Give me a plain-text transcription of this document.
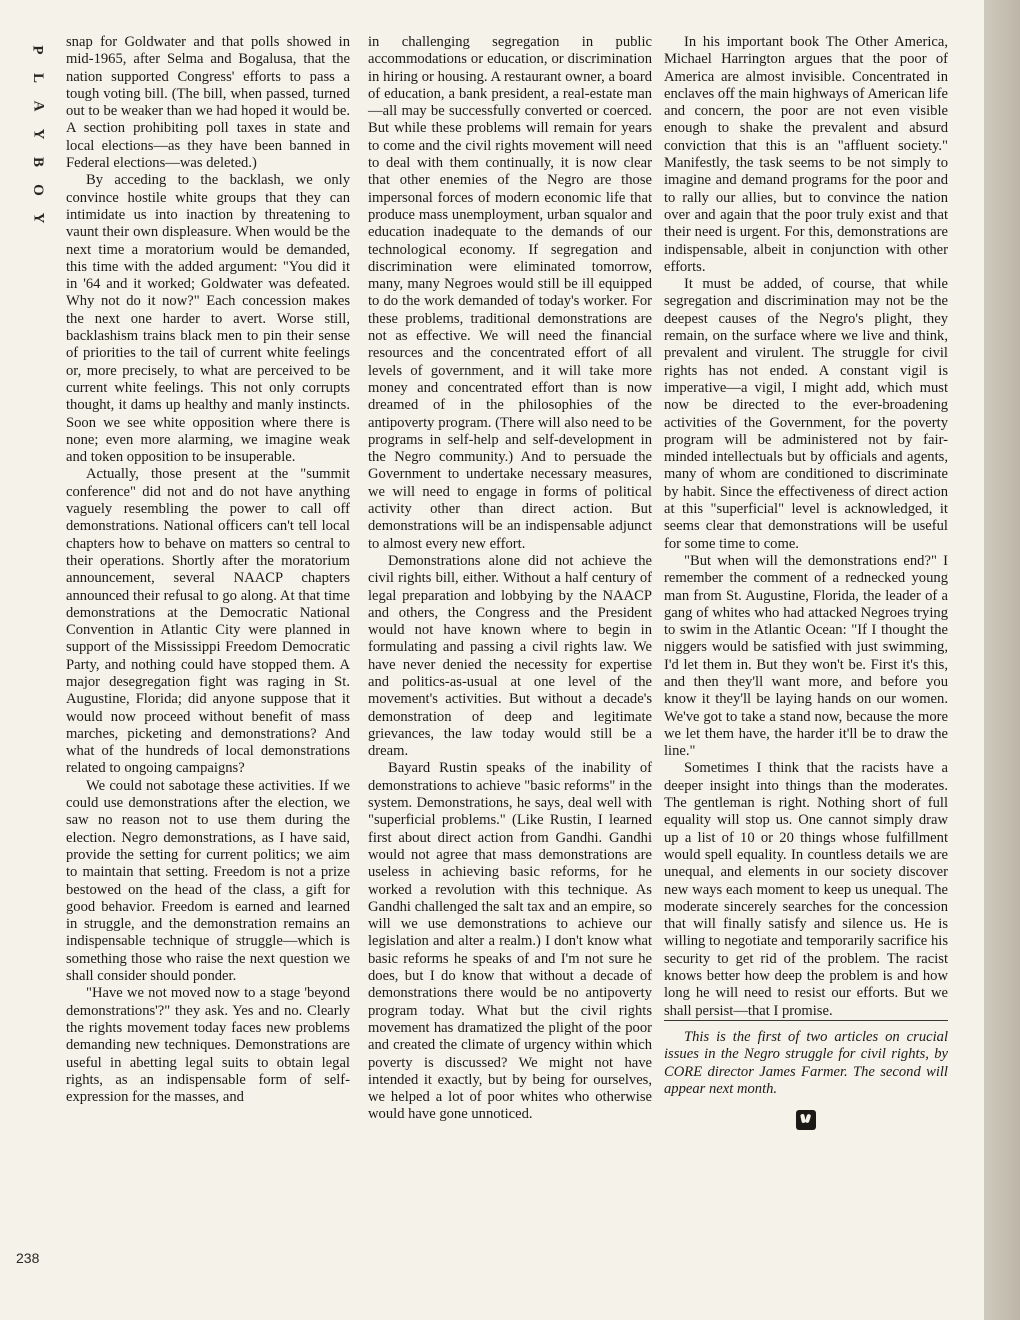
P
L
A
Y
B
O
Y
238

snap for Goldwater and that polls showed in mid-1965, after Selma and Bogalusa, that the nation supported Congress' efforts to pass a tough voting bill. (The bill, when passed, turned out to be weaker than we had hoped it would be. A section prohibiting poll taxes in state and local elections—as they have been banned in Federal elections—was deleted.)

By acceding to the backlash, we only convince hostile white groups that they can intimidate us into inaction by threatening to vaunt their own displeasure. When would be the next time a moratorium would be demanded, this time with the added argument: "You did it in '64 and it worked; Goldwater was defeated. Why not do it now?" Each concession makes the next one harder to avert. Worse still, backlashism trains black men to pin their sense of priorities to the tail of current white feelings or, more precisely, to what are perceived to be current white feelings. This not only corrupts thought, it dams up healthy and manly instincts. Soon we see white opposition where there is none; even more alarming, we imagine weak and token opposition to be insuperable.

Actually, those present at the "summit conference" did not and do not have anything vaguely resembling the power to call off demonstrations. National officers can't tell local chapters how to behave on matters so central to their operations. Shortly after the moratorium announcement, several NAACP chapters announced their refusal to go along. At that time demonstrations at the Democratic National Convention in Atlantic City were planned in support of the Mississippi Freedom Democratic Party, and nothing could have stopped them. A major desegregation fight was raging in St. Augustine, Florida; did anyone suppose that it would now proceed without benefit of mass marches, picketing and demonstrations? And what of the hundreds of local demonstrations related to ongoing campaigns?

We could not sabotage these activities. If we could use demonstrations after the election, we saw no reason not to use them during the election. Negro demonstrations, as I have said, provide the setting for current politics; we aim to maintain that setting. Freedom is not a prize bestowed on the head of the class, a gift for good behavior. Freedom is earned and learned in struggle, and the demonstration remains an indispensable technique of struggle—which is something those who raise the next question we shall consider should ponder.

"Have we not moved now to a stage 'beyond demonstrations'?" they ask. Yes and no. Clearly the rights movement today faces new problems demanding new techniques. Demonstrations are useful in abetting legal suits to obtain legal rights, as an indispensable form of self-expression for the masses, and

in challenging segregation in public accommodations or education, or discrimination in hiring or housing. A restaurant owner, a board of education, a bank president, a real-estate man—all may be successfully converted or coerced. But while these problems will remain for years to come and the civil rights movement will need to deal with them continually, it is now clear that other enemies of the Negro are those impersonal forces of modern economic life that produce mass unemployment, urban squalor and education inadequate to the demands of our technological economy. If segregation and discrimination were eliminated tomorrow, many, many Negroes would still be ill equipped to do the work demanded of today's worker. For these problems, traditional demonstrations are not as effective. We will need the financial resources and the concentrated effort of all levels of government, and it will take more money and concentrated effort than is now dreamed of in the philosophies of the antipoverty program. (There will also need to be programs in self-help and self-development in the Negro community.) And to persuade the Government to undertake necessary measures, we will need to engage in forms of political activity other than direct action. But demonstrations will be an indispensable adjunct to almost every new effort.

Demonstrations alone did not achieve the civil rights bill, either. Without a half century of legal preparation and lobbying by the NAACP and others, the Congress and the President would not have known where to begin in formulating and passing a civil rights law. We have never denied the necessity for expertise and politics-as-usual at one level of the movement's activities. But without a decade's demonstration of deep and legitimate grievances, the law today would still be a dream.

Bayard Rustin speaks of the inability of demonstrations to achieve "basic reforms" in the system. Demonstrations, he says, deal well with "superficial problems." (Like Rustin, I learned first about direct action from Gandhi. Gandhi would not agree that mass demonstrations are useless in achieving basic reforms, for he worked a revolution with this technique. As Gandhi challenged the salt tax and an empire, so will we use demonstrations to achieve our legislation and alter a realm.) I don't know what basic reforms he speaks of and I'm not sure he does, but I do know that without a decade of demonstrations there would be no antipoverty program today. What but the civil rights movement has dramatized the plight of the poor and created the climate of urgency within which poverty is discussed? We might not have intended it exactly, but by being for ourselves, we helped a lot of poor whites who otherwise would have gone unnoticed.

In his important book The Other America, Michael Harrington argues that the poor of America are almost invisible. Concentrated in enclaves off the main highways of American life and concern, the poor are not even visible enough to shake the prevalent and absurd conviction that this is an "affluent society." Manifestly, the task seems to be not simply to imagine and demand programs for the poor and to rally our allies, but to convince the nation over and again that the poor truly exist and that their need is urgent. For this, demonstrations are indispensable, albeit in conjunction with other efforts.

It must be added, of course, that while segregation and discrimination may not be the deepest causes of the Negro's plight, they remain, on the surface where we live and think, prevalent and virulent. The struggle for civil rights has not ended. A constant vigil is imperative—a vigil, I might add, which must now be directed to the ever-broadening activities of the Government, for the poverty program will be administered not by fair-minded intellectuals but by officials and agents, many of whom are conditioned to discriminate by habit. Since the effectiveness of direct action at this "superficial" level is acknowledged, it seems clear that demonstrations will be useful for some time to come.

"But when will the demonstrations end?" I remember the comment of a rednecked young man from St. Augustine, Florida, the leader of a gang of whites who had attacked Negroes trying to swim in the Atlantic Ocean: "If I thought the niggers would be satisfied with just swimming, I'd let them in. But they won't be. First it's this, and then they'll want more, and before you know it they'll be laying hands on our women. We've got to take a stand now, because the more we let them have, the harder it'll be to draw the line."

Sometimes I think that the racists have a deeper insight into things than the moderates. The gentleman is right. Nothing short of full equality will stop us. One cannot simply draw up a list of 10 or 20 things whose fulfillment would spell equality. In countless details we are unequal, and elements in our society discover new ways each moment to keep us unequal. The moderate sincerely searches for the concession that will finally satisfy and silence us. He is willing to negotiate and temporarily sacrifice his security to get rid of the problem. The racist knows better how deep the problem is and how long he will need to resist our efforts. But we shall persist—that I promise.

This is the first of two articles on crucial issues in the Negro struggle for civil rights, by CORE director James Farmer. The second will appear next month.
